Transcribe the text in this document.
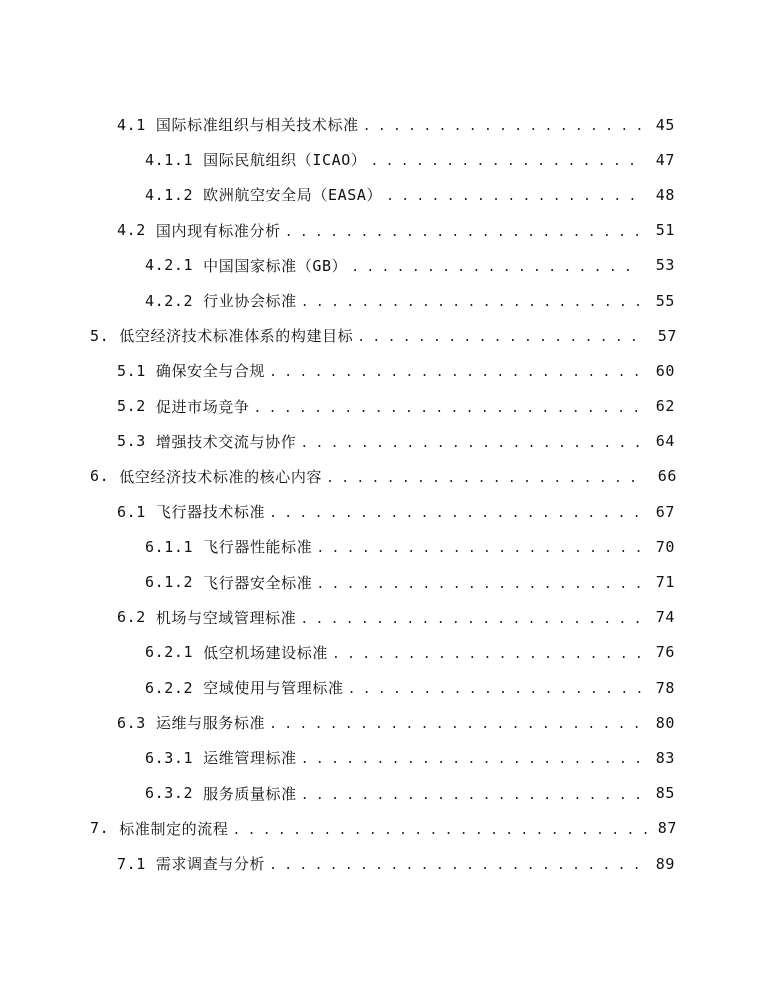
4.1 国际标准组织与相关技术标准 . . .	45
4.1.1 国际民航组织（ICAO） . . .	47
4.1.2 欧洲航空安全局（EASA） . . .	48
4.2 国内现有标准分析 . . .	51
4.2.1 中国国家标准（GB） . . .	53
4.2.2 行业协会标准 . . .	55
5. 低空经济技术标准体系的构建目标 . . .	57
5.1 确保安全与合规 . . .	60
5.2 促进市场竞争 . . .	62
5.3 增强技术交流与协作 . . .	64
6. 低空经济技术标准的核心内容 . . .	66
6.1 飞行器技术标准 . . .	67
6.1.1 飞行器性能标准 . . .	70
6.1.2 飞行器安全标准 . . .	71
6.2 机场与空域管理标准 . . .	74
6.2.1 低空机场建设标准 . . .	76
6.2.2 空域使用与管理标准 . . .	78
6.3 运维与服务标准 . . .	80
6.3.1 运维管理标准 . . .	83
6.3.2 服务质量标准 . . .	85
7. 标准制定的流程 . . .	87
7.1 需求调查与分析 . . .	89
